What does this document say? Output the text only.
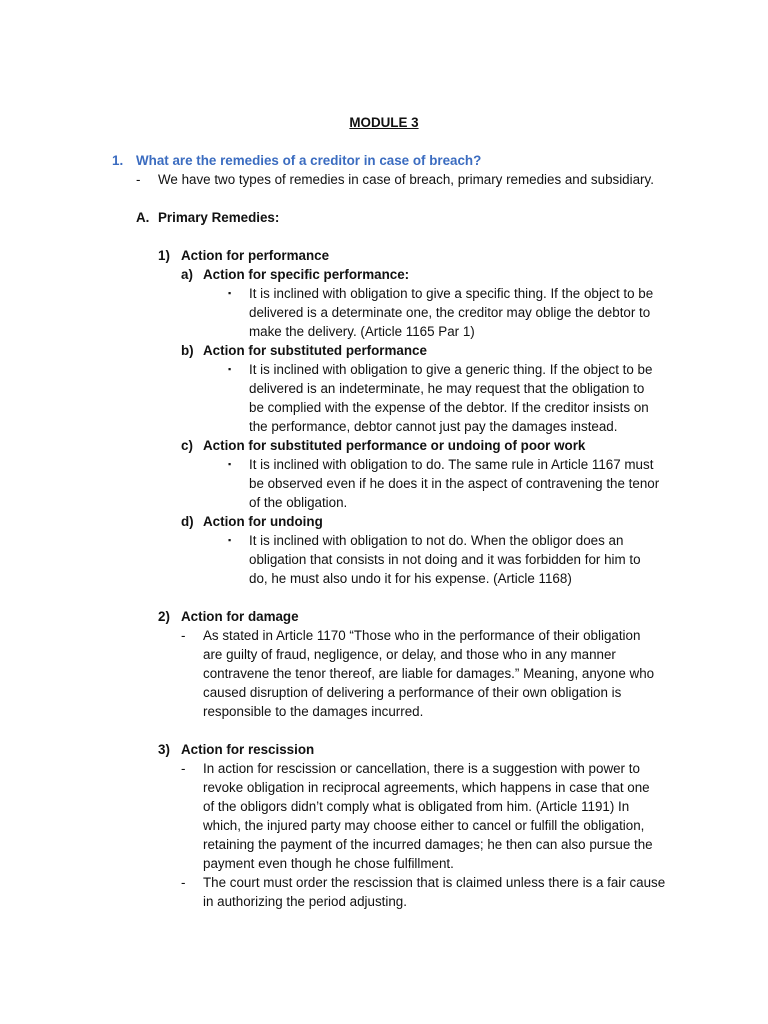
MODULE 3
1. What are the remedies of a creditor in case of breach?
- We have two types of remedies in case of breach, primary remedies and subsidiary.
A. Primary Remedies:
1) Action for performance
a) Action for specific performance:
▪ It is inclined with obligation to give a specific thing. If the object to be
delivered is a determinate one, the creditor may oblige the debtor to
make the delivery. (Article 1165 Par 1)
b) Action for substituted performance
▪ It is inclined with obligation to give a generic thing. If the object to be
delivered is an indeterminate, he may request that the obligation to
be complied with the expense of the debtor. If the creditor insists on
the performance, debtor cannot just pay the damages instead.
c) Action for substituted performance or undoing of poor work
▪ It is inclined with obligation to do. The same rule in Article 1167 must
be observed even if he does it in the aspect of contravening the tenor
of the obligation.
d) Action for undoing
▪ It is inclined with obligation to not do. When the obligor does an
obligation that consists in not doing and it was forbidden for him to
do, he must also undo it for his expense. (Article 1168)
2) Action for damage
- As stated in Article 1170 “Those who in the performance of their obligation
are guilty of fraud, negligence, or delay, and those who in any manner
contravene the tenor thereof, are liable for damages.” Meaning, anyone who
caused disruption of delivering a performance of their own obligation is
responsible to the damages incurred.
3) Action for rescission
- In action for rescission or cancellation, there is a suggestion with power to
revoke obligation in reciprocal agreements, which happens in case that one
of the obligors didn’t comply what is obligated from him. (Article 1191) In
which, the injured party may choose either to cancel or fulfill the obligation,
retaining the payment of the incurred damages; he then can also pursue the
payment even though he chose fulfillment.
- The court must order the rescission that is claimed unless there is a fair cause
in authorizing the period adjusting.
